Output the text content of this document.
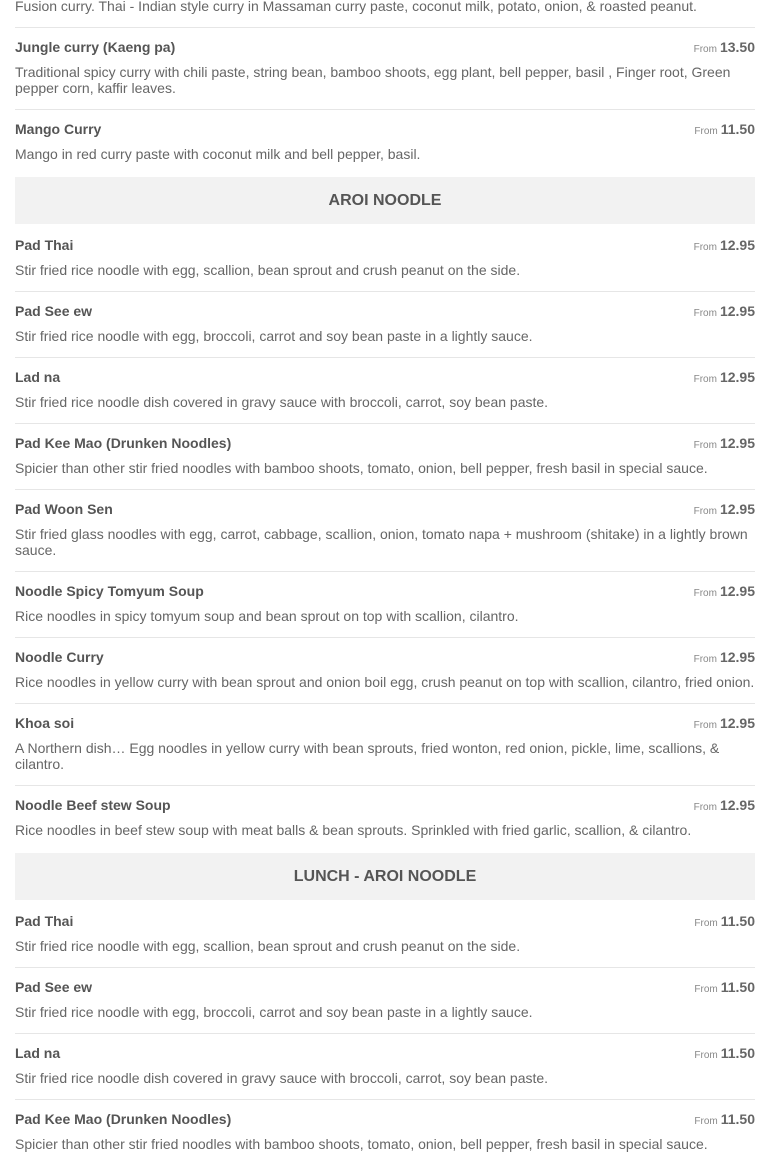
Fusion curry. Thai - Indian style curry in Massaman curry paste, coconut milk, potato, onion, & roasted peanut.
Jungle curry (Kaeng pa)	From 13.50
Traditional spicy curry with chili paste, string bean, bamboo shoots, egg plant, bell pepper, basil , Finger root, Green pepper corn, kaffir leaves.
Mango Curry	From 11.50
Mango in red curry paste with coconut milk and bell pepper, basil.
AROI NOODLE
Pad Thai	From 12.95
Stir fried rice noodle with egg, scallion, bean sprout and crush peanut on the side.
Pad See ew	From 12.95
Stir fried rice noodle with egg, broccoli, carrot and soy bean paste in a lightly sauce.
Lad na	From 12.95
Stir fried rice noodle dish covered in gravy sauce with broccoli, carrot, soy bean paste.
Pad Kee Mao (Drunken Noodles)	From 12.95
Spicier than other stir fried noodles with bamboo shoots, tomato, onion, bell pepper, fresh basil in special sauce.
Pad Woon Sen	From 12.95
Stir fried glass noodles with egg, carrot, cabbage, scallion, onion, tomato napa + mushroom (shitake) in a lightly brown sauce.
Noodle Spicy Tomyum Soup	From 12.95
Rice noodles in spicy tomyum soup and bean sprout on top with scallion, cilantro.
Noodle Curry	From 12.95
Rice noodles in yellow curry with bean sprout and onion boil egg, crush peanut on top with scallion, cilantro, fried onion.
Khoa soi	From 12.95
A Northern dish… Egg noodles in yellow curry with bean sprouts, fried wonton, red onion, pickle, lime, scallions, & cilantro.
Noodle Beef stew Soup	From 12.95
Rice noodles in beef stew soup with meat balls & bean sprouts. Sprinkled with fried garlic, scallion, & cilantro.
LUNCH - AROI NOODLE
Pad Thai	From 11.50
Stir fried rice noodle with egg, scallion, bean sprout and crush peanut on the side.
Pad See ew	From 11.50
Stir fried rice noodle with egg, broccoli, carrot and soy bean paste in a lightly sauce.
Lad na	From 11.50
Stir fried rice noodle dish covered in gravy sauce with broccoli, carrot, soy bean paste.
Pad Kee Mao (Drunken Noodles)	From 11.50
Spicier than other stir fried noodles with bamboo shoots, tomato, onion, bell pepper, fresh basil in special sauce.
